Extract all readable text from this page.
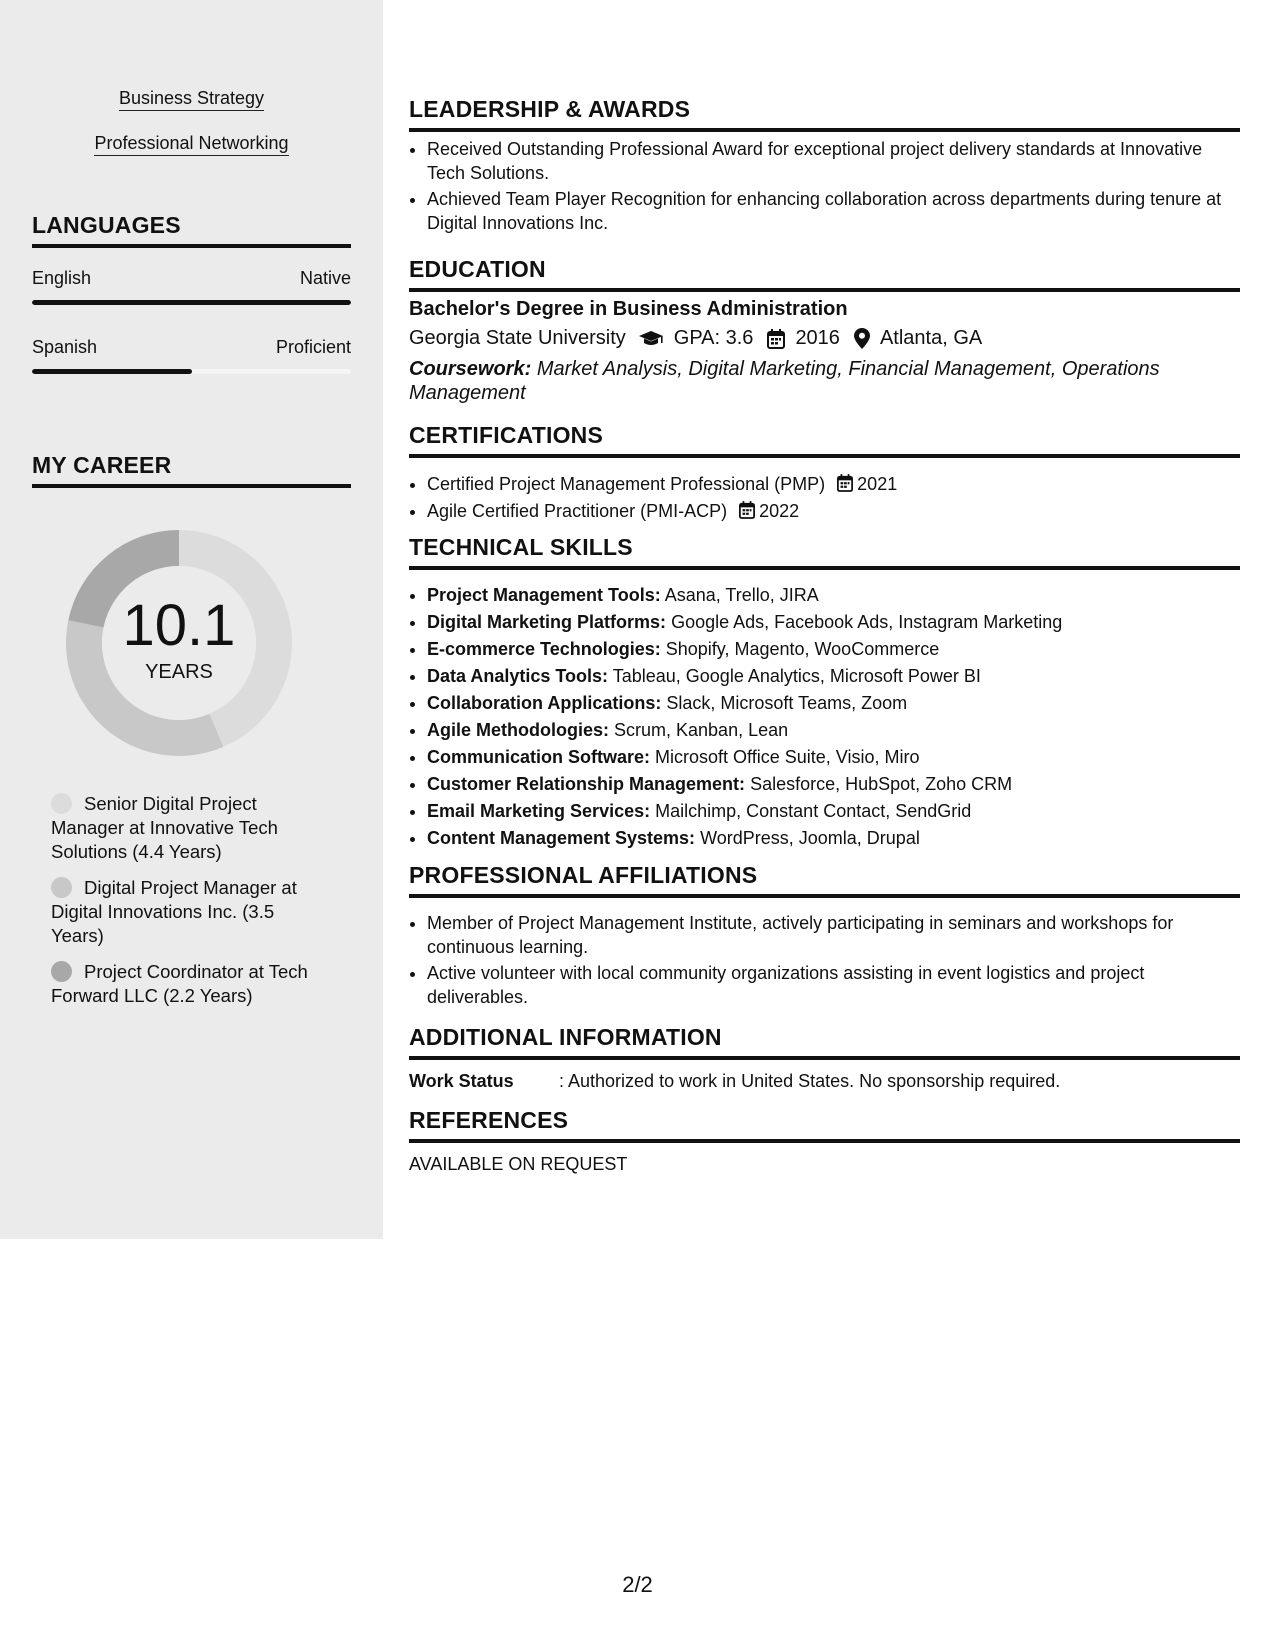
Business Strategy
Professional Networking
LANGUAGES
English	Native
Spanish	Proficient
MY CAREER
10.1
YEARS
Senior Digital Project Manager at Innovative Tech Solutions (4.4 Years)
Digital Project Manager at Digital Innovations Inc. (3.5 Years)
Project Coordinator at Tech Forward LLC (2.2 Years)
LEADERSHIP & AWARDS
• Received Outstanding Professional Award for exceptional project delivery standards at Innovative Tech Solutions.
• Achieved Team Player Recognition for enhancing collaboration across departments during tenure at Digital Innovations Inc.
EDUCATION
Bachelor's Degree in Business Administration
Georgia State University GPA: 3.6 2016 Atlanta, GA
Coursework: Market Analysis, Digital Marketing, Financial Management, Operations Management
CERTIFICATIONS
• Certified Project Management Professional (PMP) 2021
• Agile Certified Practitioner (PMI-ACP) 2022
TECHNICAL SKILLS
• Project Management Tools: Asana, Trello, JIRA
• Digital Marketing Platforms: Google Ads, Facebook Ads, Instagram Marketing
• E-commerce Technologies: Shopify, Magento, WooCommerce
• Data Analytics Tools: Tableau, Google Analytics, Microsoft Power BI
• Collaboration Applications: Slack, Microsoft Teams, Zoom
• Agile Methodologies: Scrum, Kanban, Lean
• Communication Software: Microsoft Office Suite, Visio, Miro
• Customer Relationship Management: Salesforce, HubSpot, Zoho CRM
• Email Marketing Services: Mailchimp, Constant Contact, SendGrid
• Content Management Systems: WordPress, Joomla, Drupal
PROFESSIONAL AFFILIATIONS
• Member of Project Management Institute, actively participating in seminars and workshops for continuous learning.
• Active volunteer with local community organizations assisting in event logistics and project deliverables.
ADDITIONAL INFORMATION
Work Status	: Authorized to work in United States. No sponsorship required.
REFERENCES
AVAILABLE ON REQUEST
2/2
